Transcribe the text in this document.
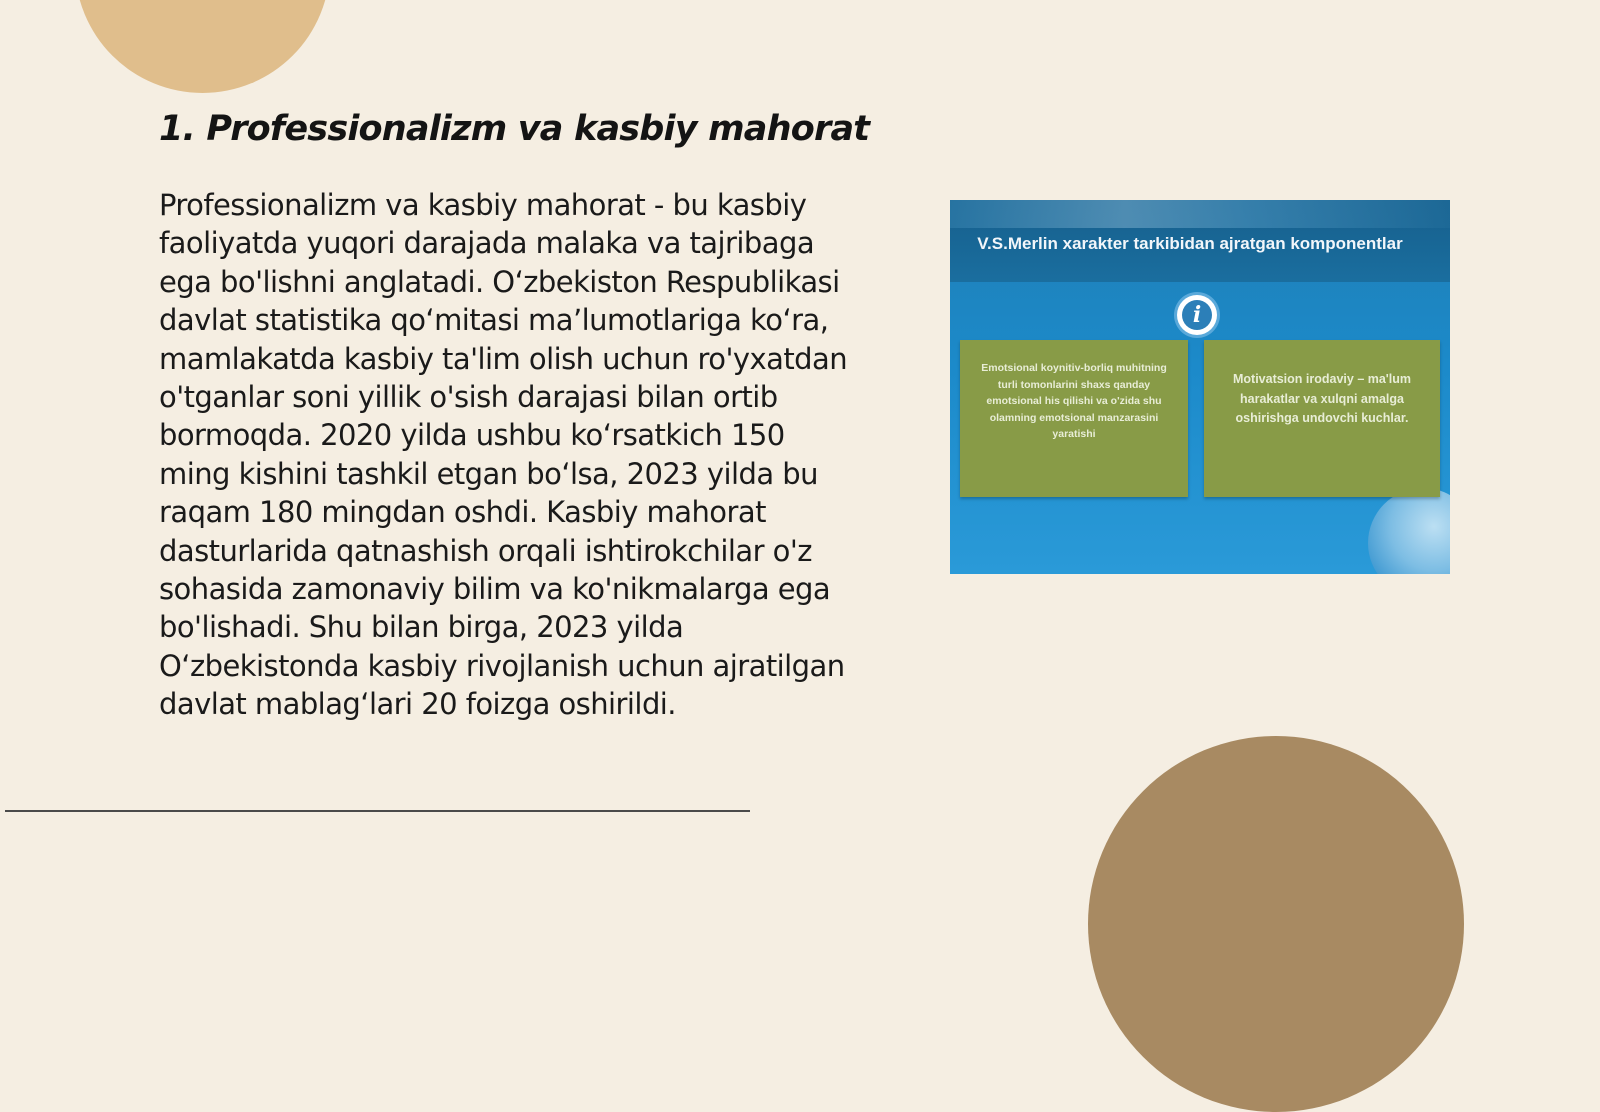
1. Professionalizm va kasbiy mahorat

Professionalizm va kasbiy mahorat - bu kasbiy faoliyatda yuqori darajada malaka va tajribaga ega bo'lishni anglatadi. O‘zbekiston Respublikasi davlat statistika qo‘mitasi ma’lumotlariga ko‘ra, mamlakatda kasbiy ta'lim olish uchun ro'yxatdan o'tganlar soni yillik o'sish darajasi bilan ortib bormoqda. 2020 yilda ushbu ko‘rsatkich 150 ming kishini tashkil etgan bo‘lsa, 2023 yilda bu raqam 180 mingdan oshdi. Kasbiy mahorat dasturlarida qatnashish orqali ishtirokchilar o'z sohasida zamonaviy bilim va ko'nikmalarga ega bo'lishadi. Shu bilan birga, 2023 yilda O‘zbekistonda kasbiy rivojlanish uchun ajratilgan davlat mablag‘lari 20 foizga oshirildi.

V.S.Merlin xarakter tarkibidan ajratgan komponentlar

Emotsional koynitiv-borliq muhitning turli tomonlarini shaxs qanday emotsional his qilishi va o'zida shu olamning emotsional manzarasini yaratishi

Motivatsion irodaviy – ma'lum harakatlar va xulqni amalga oshirishga undovchi kuchlar.

i
